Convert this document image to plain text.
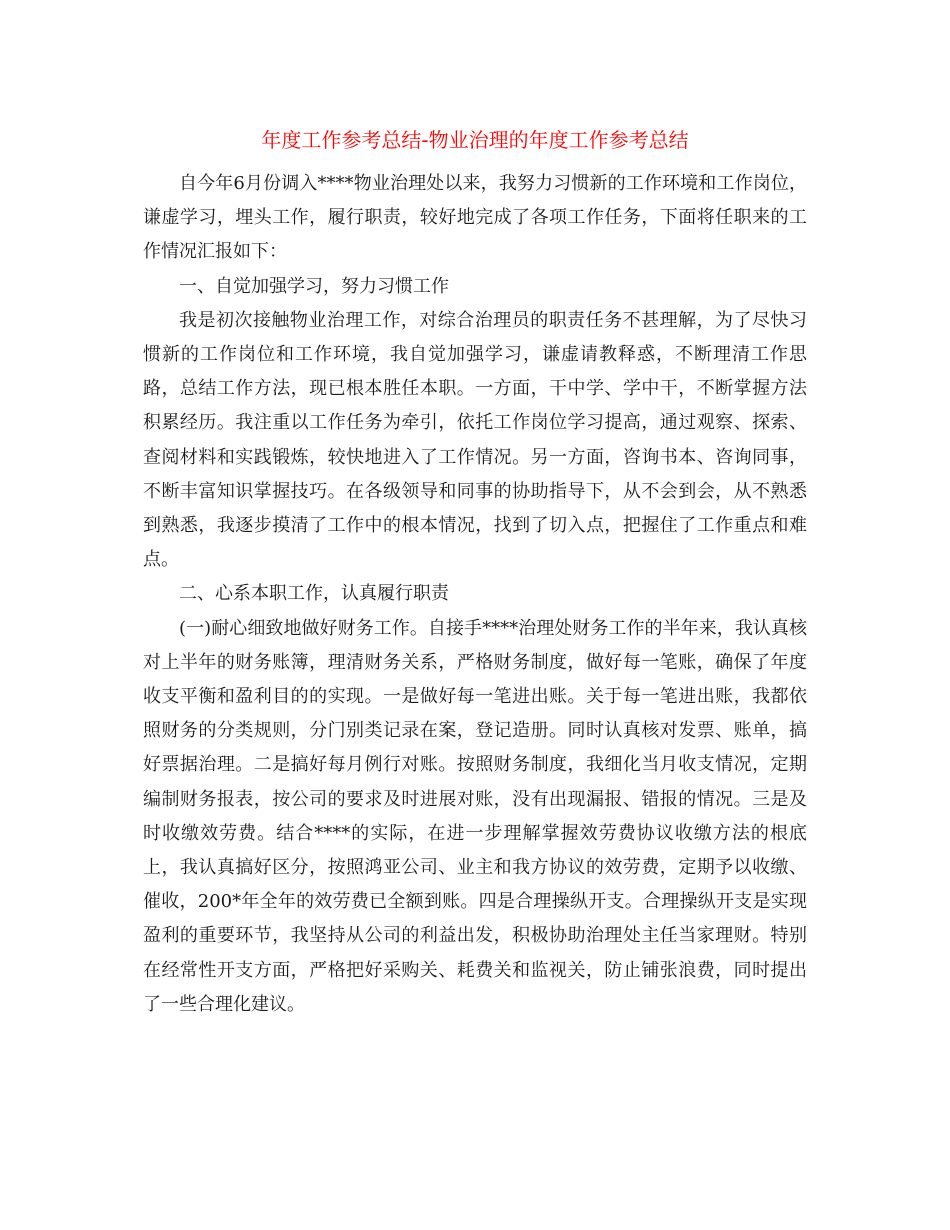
年度工作参考总结-物业治理的年度工作参考总结

自今年6月份调入****物业治理处以来，我努力习惯新的工作环境和工作岗位，谦虚学习，埋头工作，履行职责，较好地完成了各项工作任务，下面将任职来的工作情况汇报如下：

一、自觉加强学习，努力习惯工作

我是初次接触物业治理工作，对综合治理员的职责任务不甚理解，为了尽快习惯新的工作岗位和工作环境，我自觉加强学习，谦虚请教释惑，不断理清工作思路，总结工作方法，现已根本胜任本职。一方面，干中学、学中干，不断掌握方法积累经历。我注重以工作任务为牵引，依托工作岗位学习提高，通过观察、探索、查阅材料和实践锻炼，较快地进入了工作情况。另一方面，咨询书本、咨询同事，不断丰富知识掌握技巧。在各级领导和同事的协助指导下，从不会到会，从不熟悉到熟悉，我逐步摸清了工作中的根本情况，找到了切入点，把握住了工作重点和难点。

二、心系本职工作，认真履行职责

(一)耐心细致地做好财务工作。自接手****治理处财务工作的半年来，我认真核对上半年的财务账簿，理清财务关系，严格财务制度，做好每一笔账，确保了年度收支平衡和盈利目的的实现。一是做好每一笔进出账。关于每一笔进出账，我都依照财务的分类规则，分门别类记录在案，登记造册。同时认真核对发票、账单，搞好票据治理。二是搞好每月例行对账。按照财务制度，我细化当月收支情况，定期编制财务报表，按公司的要求及时进展对账，没有出现漏报、错报的情况。三是及时收缴效劳费。结合****的实际，在进一步理解掌握效劳费协议收缴方法的根底上，我认真搞好区分，按照鸿亚公司、业主和我方协议的效劳费，定期予以收缴、催收，200*年全年的效劳费已全额到账。四是合理操纵开支。合理操纵开支是实现盈利的重要环节，我坚持从公司的利益出发，积极协助治理处主任当家理财。特别在经常性开支方面，严格把好采购关、耗费关和监视关，防止铺张浪费，同时提出了一些合理化建议。
